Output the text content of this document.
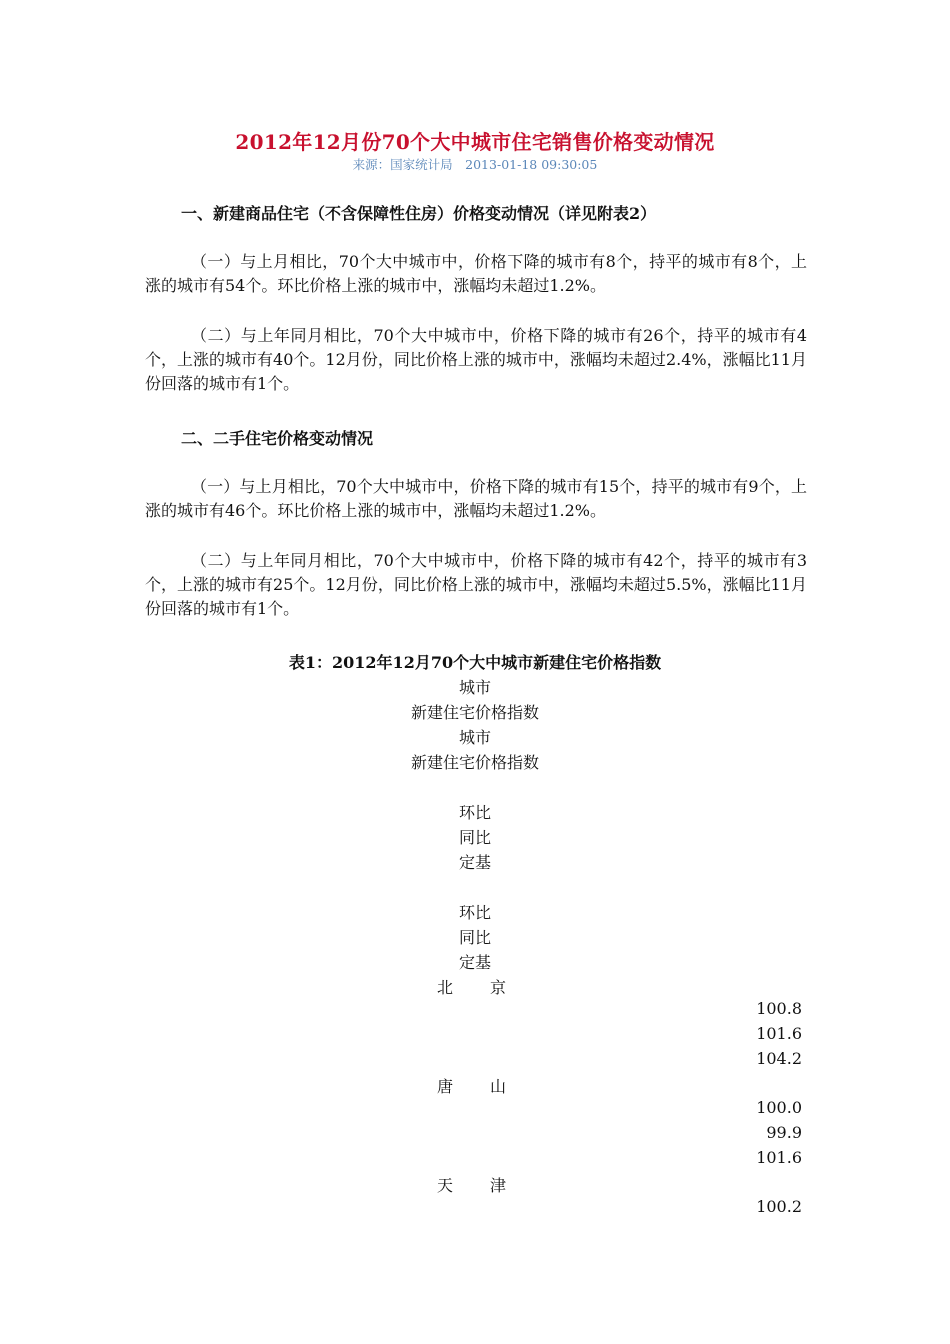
2012年12月份70个大中城市住宅销售价格变动情况
来源：国家统计局　2013-01-18 09:30:05
一、新建商品住宅（不含保障性住房）价格变动情况（详见附表2）
（一）与上月相比，70个大中城市中，价格下降的城市有8个，持平的城市有8个，上涨的城市有54个。环比价格上涨的城市中，涨幅均未超过1.2%。
（二）与上年同月相比，70个大中城市中，价格下降的城市有26个，持平的城市有4个，上涨的城市有40个。12月份，同比价格上涨的城市中，涨幅均未超过2.4%，涨幅比11月份回落的城市有1个。
二、二手住宅价格变动情况
（一）与上月相比，70个大中城市中，价格下降的城市有15个，持平的城市有9个，上涨的城市有46个。环比价格上涨的城市中，涨幅均未超过1.2%。
（二）与上年同月相比，70个大中城市中，价格下降的城市有42个，持平的城市有3个，上涨的城市有25个。12月份，同比价格上涨的城市中，涨幅均未超过5.5%，涨幅比11月份回落的城市有1个。
表1：2012年12月70个大中城市新建住宅价格指数
城市
新建住宅价格指数
城市
新建住宅价格指数
环比
同比
定基
环比
同比
定基
北 京
100.8
101.6
104.2
唐 山
100.0
99.9
101.6
天 津
100.2
